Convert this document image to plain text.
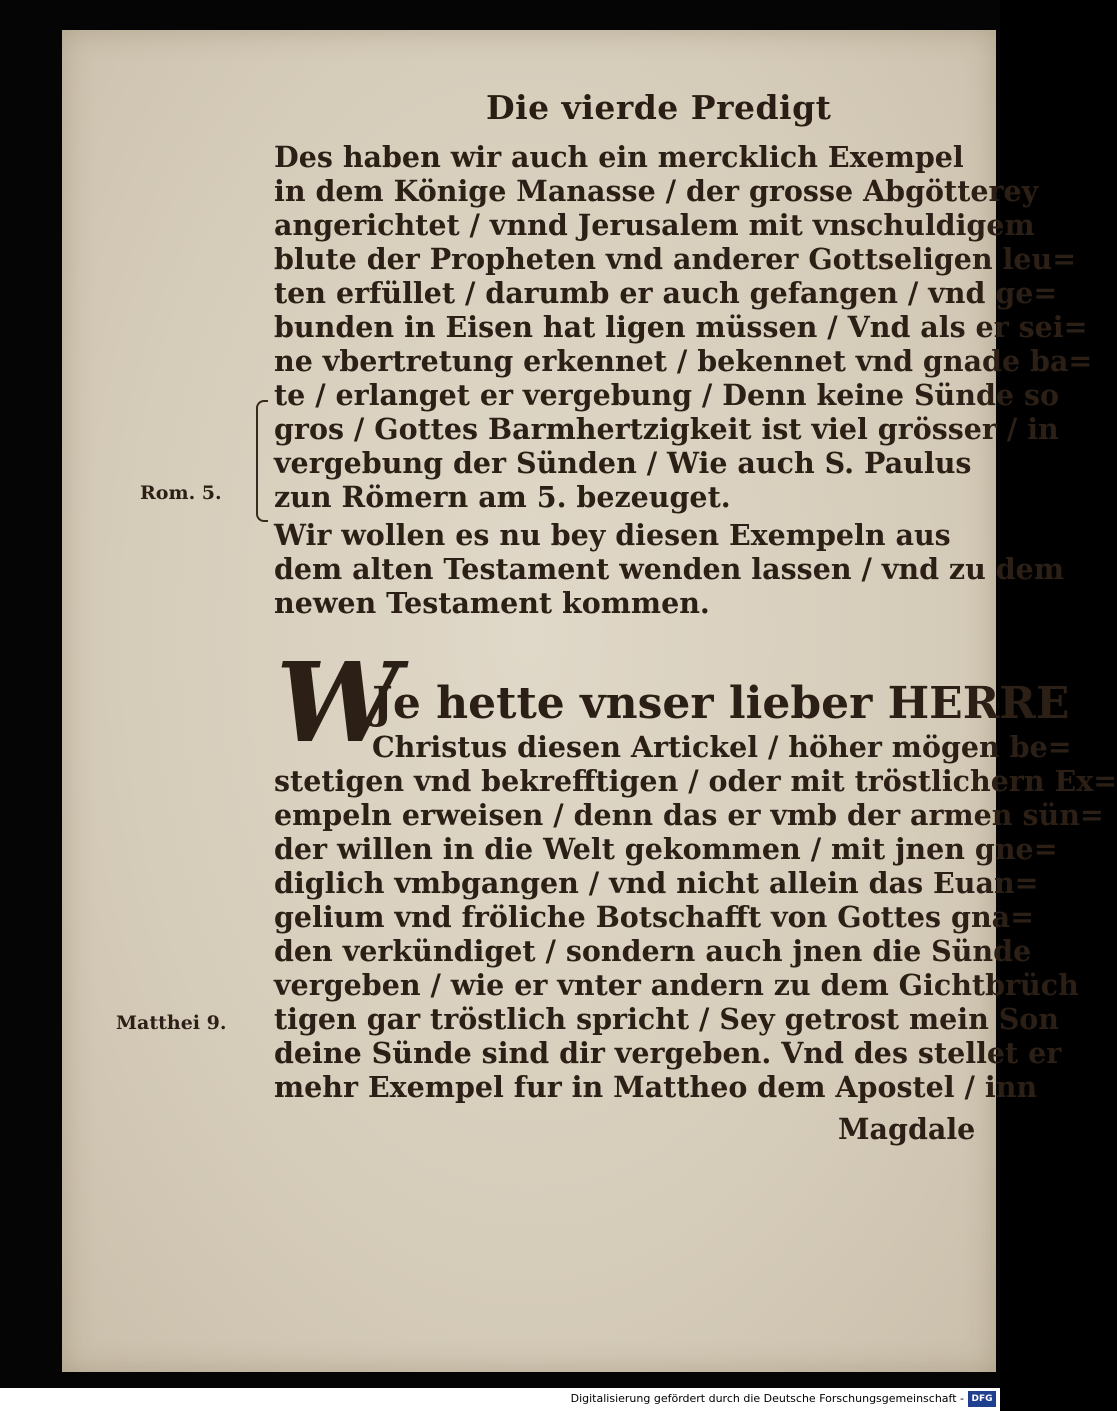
Die vierde Predigt
Rom. 5.
Matthei 9.
Des haben wir auch ein mercklich Exempel
in dem Könige Manasse / der grosse Abgötterey
angerichtet / vnnd Jerusalem mit vnschuldigem
blute der Propheten vnd anderer Gottseligen leu=
ten erfüllet / darumb er auch gefangen / vnd ge=
bunden in Eisen hat ligen müssen / Vnd als er sei=
ne vbertretung erkennet / bekennet vnd gnade ba=
te / erlanget er vergebung / Denn keine Sünde so
gros / Gottes Barmhertzigkeit ist viel grösser / in
vergebung der Sünden / Wie auch S. Paulus
zun Römern am 5. bezeuget.
Wir wollen es nu bey diesen Exempeln aus
dem alten Testament wenden lassen / vnd zu dem
newen Testament kommen.
W
Je hette vnser lieber HERRE
Christus diesen Artickel / höher mögen be=
stetigen vnd bekrefftigen / oder mit tröstlichern Ex=
empeln erweisen / denn das er vmb der armen sün=
der willen in die Welt gekommen / mit jnen gne=
diglich vmbgangen / vnd nicht allein das Euan=
gelium vnd fröliche Botschafft von Gottes gna=
den verkündiget / sondern auch jnen die Sünde
vergeben / wie er vnter andern zu dem Gichtbrüch
tigen gar tröstlich spricht / Sey getrost mein Son
deine Sünde sind dir vergeben. Vnd des stellet er
mehr Exempel fur in Mattheo dem Apostel / inn
Magdale
Digitalisierung gefördert durch die Deutsche Forschungsgemeinschaft - DFG
